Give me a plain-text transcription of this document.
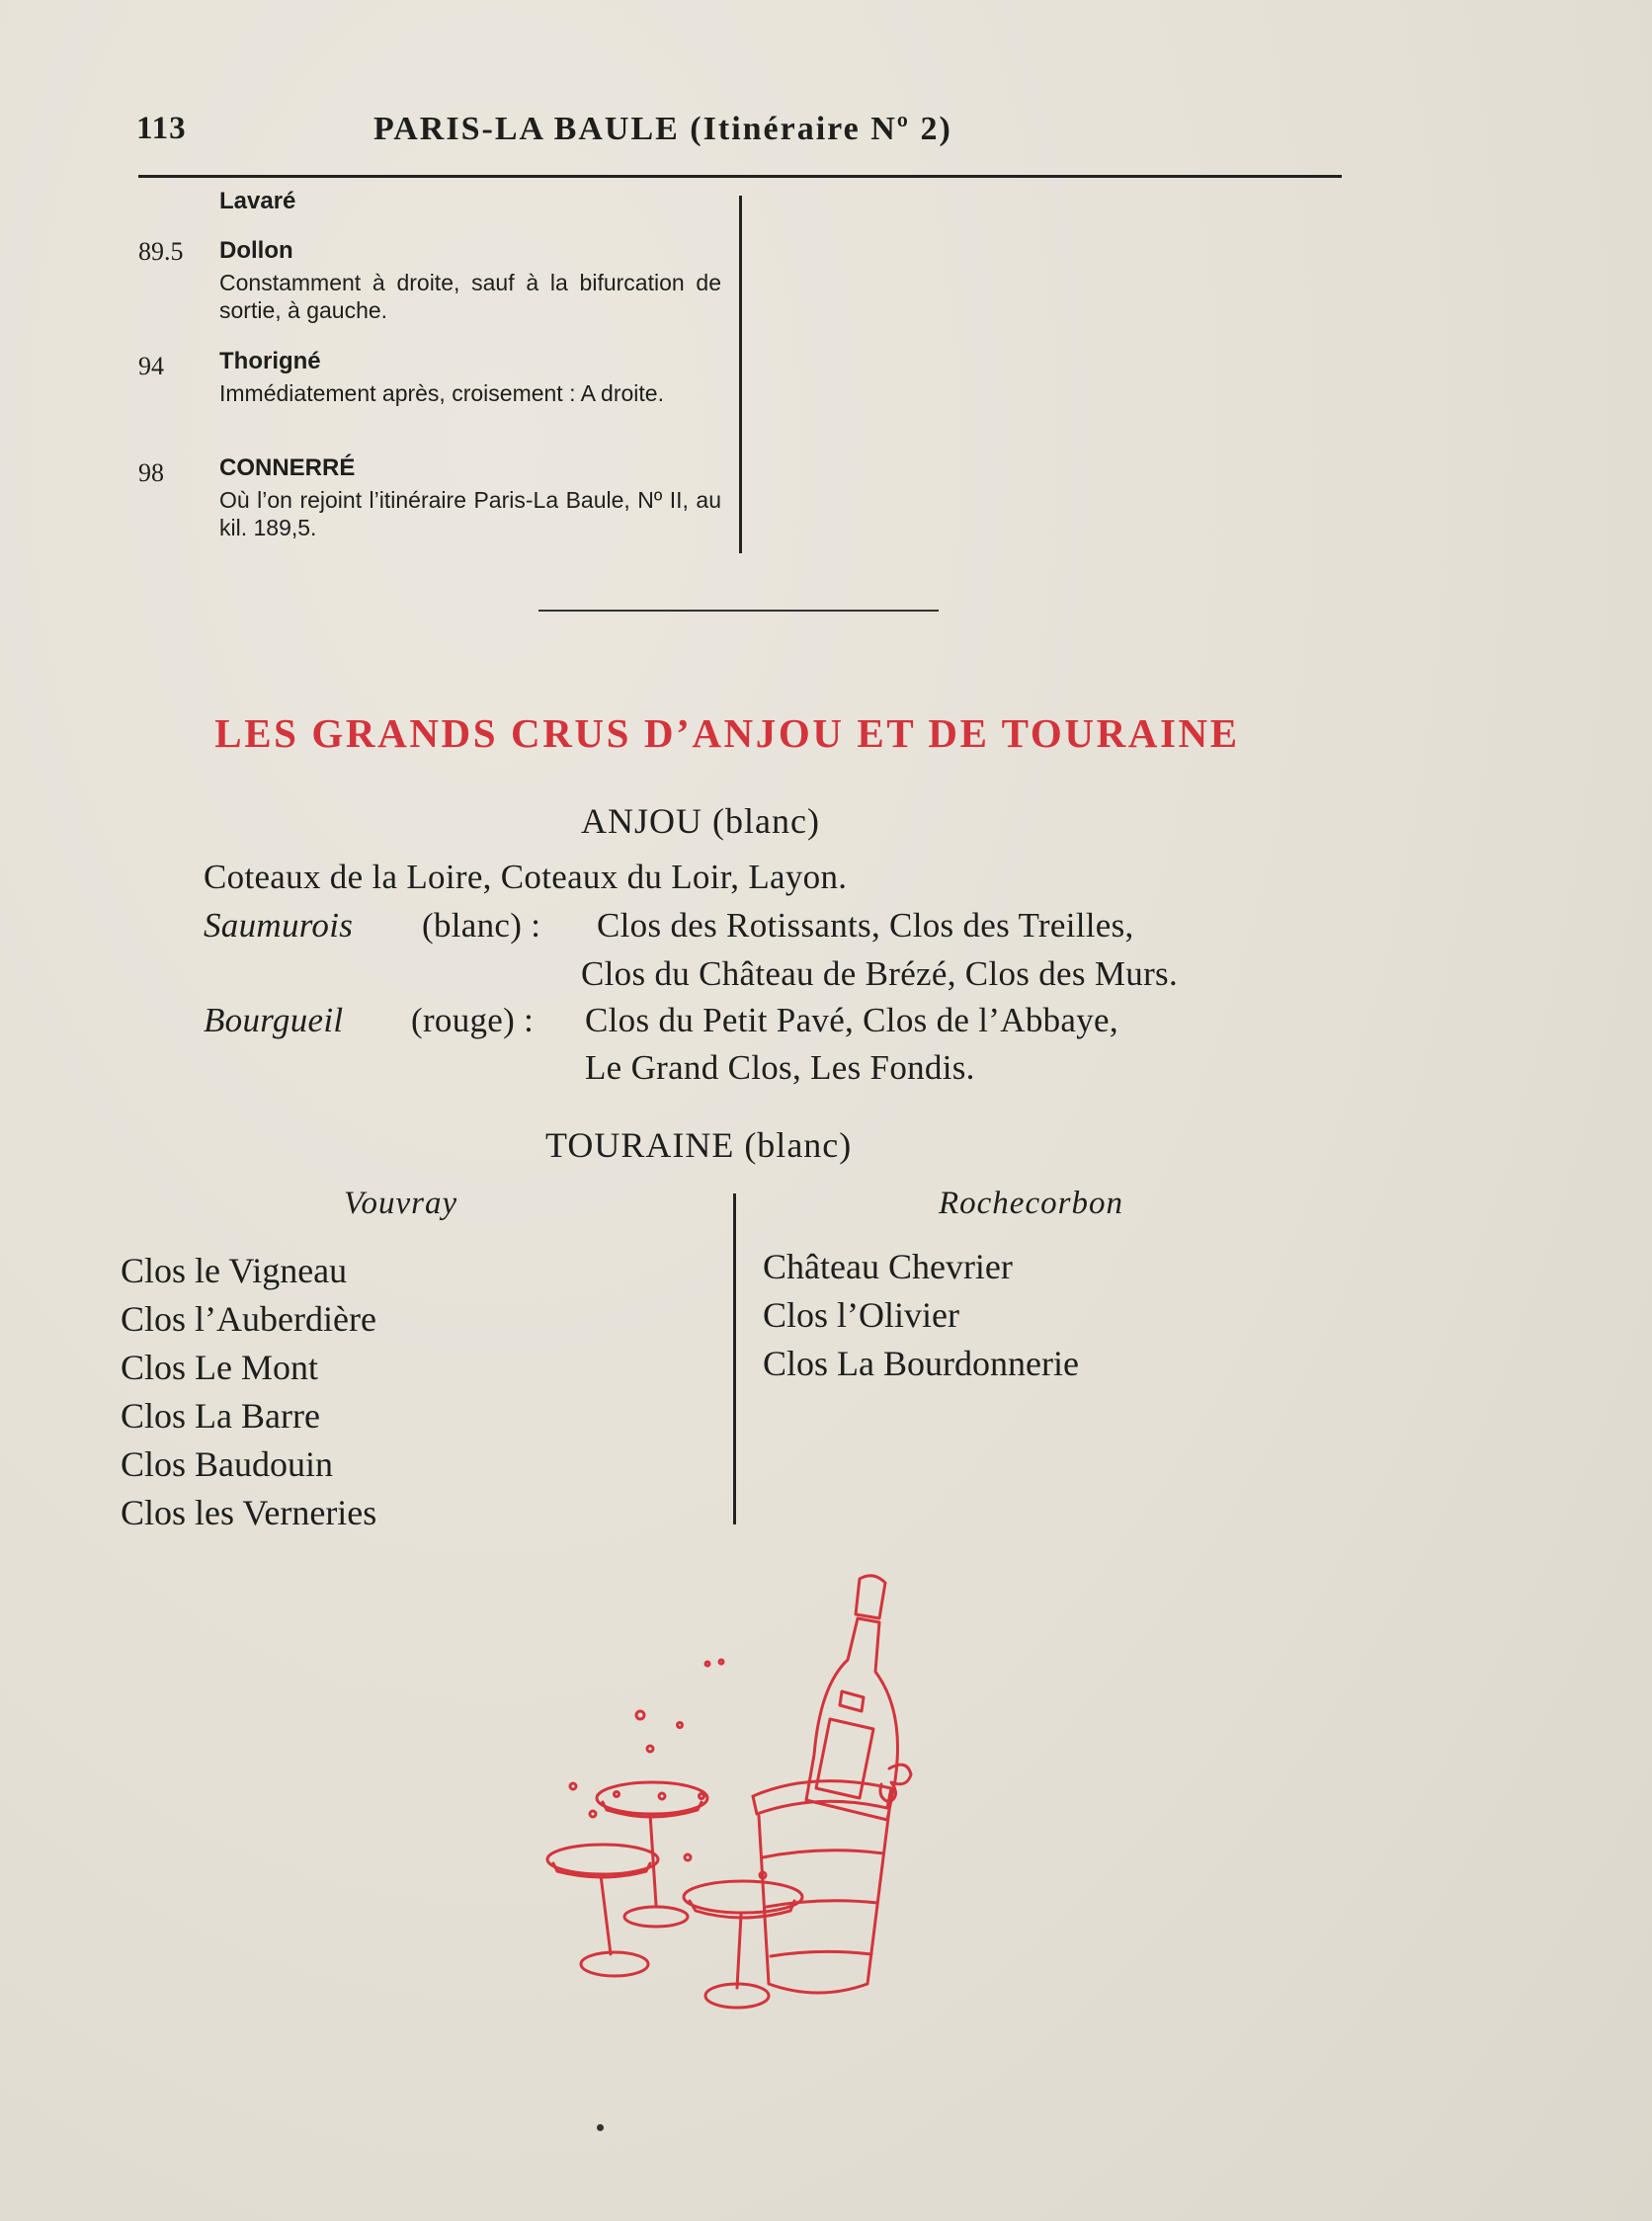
113	PARIS-LA BAULE (Itinéraire Nº 2)
Lavaré
89.5	Dollon
Constamment à droite, sauf à la bifurcation de sortie, à gauche.
94	Thorigné
Immédiatement après, croisement : A droite.
98	CONNERRÉ
Où l’on rejoint l’itinéraire Paris-La Baule, Nº II, au kil. 189,5.
LES GRANDS CRUS D’ANJOU ET DE TOURAINE
ANJOU (blanc)
Coteaux de la Loire, Coteaux du Loir, Layon.
Saumurois (blanc) : Clos des Rotissants, Clos des Treilles,
Clos du Château de Brézé, Clos des Murs.
Bourgueil (rouge) : Clos du Petit Pavé, Clos de l’Abbaye,
Le Grand Clos, Les Fondis.
TOURAINE (blanc)
Vouvray	Rochecorbon
Clos le Vigneau
Clos l’Auberdière
Clos Le Mont
Clos La Barre
Clos Baudouin
Clos les Verneries
Château Chevrier
Clos l’Olivier
Clos La Bourdonnerie
